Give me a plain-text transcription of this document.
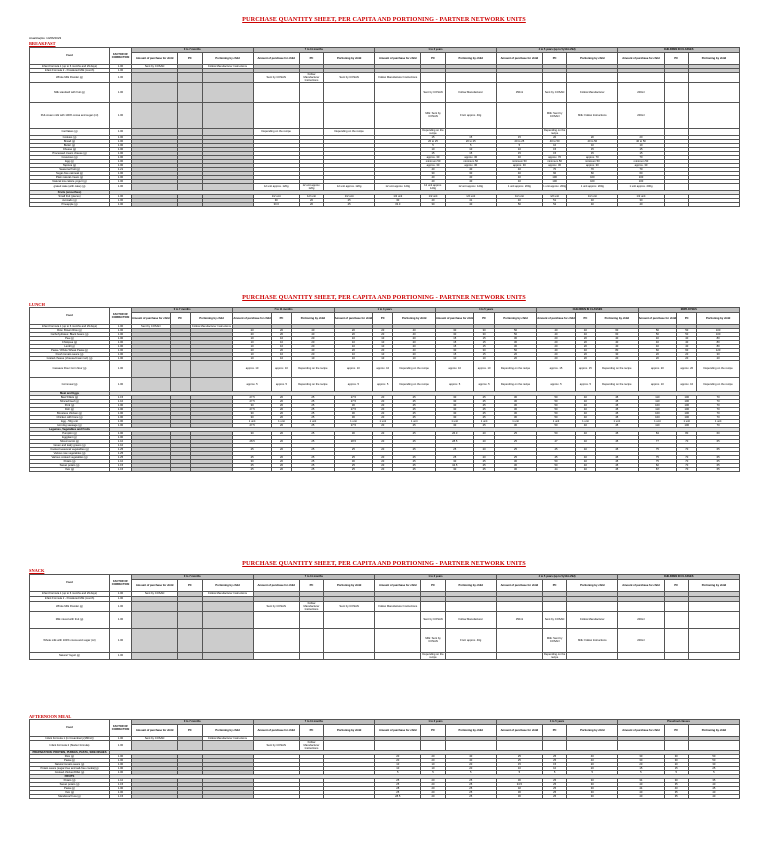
PURCHASE QUANTITY SHEET, PER CAPITA AND PORTIONING - PARTNER NETWORK UNITS
Atualização: 14/06/2023
BREAKFAST
Food	FACTOR OF CORRECTION	0 to 7 months			7 to 11 months			1 to 3 years			4 to 5 years (up to 5y11m 29d)			CHILDREN IN CLASSES		
		Amount of purchase for child	PC	Portioning by child	Amount of purchase for child	PC	Portioning by child	Amount of purchase for child	PC	Portioning by child	Amount of purchase for child	PC	Portioning by child	Amount of purchase for child	PC	Portioning by child
Infant Formula 1 (up to 6 months and 29 days)	1.00	Sent by COSAN		Follow Manufacturer Instructions												
Infant Formula 2 - Powdered Milk (month)	1.00															
Whole Milk Powder (g)	1.00				Sent by COSAN	Follow Manufacturer Instructions	Sent by COSAN	Follow Manufacturer Instructions								
Milk standard with fruit (g)	1.00								Sent by COSAN	Follow Manufacturer	150ml	Sent by COSAN	Follow Manufacturer	200ml		
Pull-cream milk with 100% cocoa and sugar (ml)	1.00								Milk: Sent by COSAN	Fruit: approx. 40g		Milk: Sent by COSAN	Milk: Follow Instructions	200ml		
Cat flakes (g)	1.00				Depending on the recipe		Depending on the recipe		Depending on the recipe			Depending on the recipe				
Cookies (g)	1.00								15	15	15	20	20	20		
Bread (g)	1.00								20 to 25	20 to 25	20 to 25	40 to 50	40 to 50	40 to 50		
Butter (g)	1.00								5	5	5	10	10	10		
Cheese (g)	1.00								10	10	10	15	15	15		
Processed cream cheese (g)	1.00								15	15	15	15	15	15		
Couscous (g)	1.00								approx. 30	approx. 30	40	approx. 70	approx. 70	70		
Egg (g)	1.00								minimum 50	minimum 50	minimum 50	minimum 50	minimum 50	minimum 50		
Tapioca (g)	1.00								approx. 30	approx. 30	approx. 30	approx. 30	approx. 30	approx. 30		
Seasonal fruit (g)	1.21								40	40	40	70	70	70		
Sugar-free oatmeal (g)	1.00								30	30	40	60	60	60		
Plain natural cream (g)	1.00								40	40	40	100	100	100		
Natural low calorie yogurt (g)	1.00								40	40	40	100	100	100		
grated cake (with cake) (g)	1.00				12 unit approx. 120g	12 unit approx. 120g	12 unit approx. 120g	12 unit approx. 120g	12 unit approx. 120g	12 unit approx. 120g	1 unit approx. 200g	1 unit approx. 200g	1 unit approx. 200g	1 unit approx. 200g		
Fruits (smoothies)																
Small fruit (pieces)	1.00				1/2 unit	1/2 unit	1/2 unit	1/2 unit	1/2 unit	1/2 unit	1/2 unit	1/2 unit	1/2 unit	1/2 unit		
Avocado (g)	1.00				30	20	25	30	40	41	40	51	40	30		
Pineapple (g)	1.00				30.6	20	25	33.3	30	40	50	52	40	40		
PURCHASE QUANTITY SHEET, PER CAPITA AND PORTIONING - PARTNER NETWORK UNITS
LUNCH
Food	FACTOR OF CORRECTION	0 to 7 months			7 to 11 months			1 to 3 years			4 to 5 years			CHILDREN IN CLASSES			EMPLOYEES		
		Amount of purchase for child	PC	Portioning by child	Amount of purchase for child	PC	Portioning by child	Amount of purchase for child	PC	Portioning by child	Amount of purchase for child	PC	Portioning by child	Amount of purchase for child	PC	Portioning by child	Amount of purchase for child	PC	Portioning by child
Infant Formula 1 (up to 6 months and 29 days)	1.00	Sent by COSAN		Follow Manufacturer Instructions															
Rice: Brown Rice (g)	1.00				20	20	40	20	20	40	30	30	50	40	40	60	50	50	100
Carbohydrates: Black beans (g)	1.00				20	20	40	20	20	40	30	30	50	40	40	60	50	50	100
Pea (g)	1.00				10	10	20	10	10	20	15	15	30	20	20	40	40	40	80
Chickpea (g)	1.00				10	10	20	10	10	20	15	15	30	20	20	40	40	40	80
Lentil (g)	1.00				10	10	20	10	10	20	15	15	30	20	20	40	40	40	80
Pasta / Whole Wheat Pasta (g)	1.00				20	20	40	20	20	40	30	30	50	40	40	80	60	60	120
Fresh tomato sauce (g)	1.00				10	10	20	10	10	20	15	15	20	20	20	30	20	20	30
Grated cheese (cheese/cream tart) (g)	1.00				10	10	10	10	10	10	10	10	20	20	20	20	20	20	20
Cassava Flour Corn flour (g)	1.00				approx. 10	approx. 10	Depending on the recipe	approx. 10	approx. 10	Depending on the recipe	approx. 10	approx. 10	Depending on the recipe	approx. 15	approx. 15	Depending on the recipe	approx. 20	approx. 20	Depending on the recipe
Cornmeal (g)	1.00				approx. 5	approx. 5	Depending on the recipe	approx. 5	approx. 5	Depending on the recipe	approx. 5	approx. 5	Depending on the recipe	approx. 5	approx. 5	Depending on the recipe	approx. 10	approx. 10	Depending on the recipe
Meat and Eggs																			
Beef Fillets (g)	1.15				27.5	20	25	27.5	20	25	30	25	30	50	40	45	110	100	70
Minced beef (g)	1.10				27.5	20	25	27.5	20	25	30	25	30	50	40	45	110	100	70
Pork (g)	1.00				30	20	25	30	20	25	30	25	30	50	40	45	100	100	70
Fish (g)	1.00				27.5	20	25	27.5	20	25	30	25	30	50	40	45	110	100	70
Boneless chicken (g)	1.00				30	20	25	30	20	25	30	25	30	50	40	45	100	100	70
Chicken with bone (g)	1.00				30	20	25	30	20	25	30	25	30	50	40	45	100	100	70
Egg - 50g unit	1.00				1 unit	1 unit	1 unit	1 unit	1 unit	1 unit	1 unit	1 unit	1 unit	1 unit	1 unit	1 unit	1 unit	1 unit	1 unit
Hot dog sausage (g)	1.00				27.5	20	25	27.5	20	25	30	25	30	50	40	45	110	100	70
Legumes, Vegetables and Fruits																			
Pumpkin (g)	1.00				30	20	25	30	20	25	26.3	20	25	50	40	45	84	80	60
Eggplant (g)	1.00																		
Sliced carrot (g)	1.10				28.5	20	25	28.5	20	25	28.5	20	25	47	40	45	77	70	65
Green and leafy greens (g)	1.10																		
Cooked seasonal vegetables (g)	1.25				25	20	25	25	20	25	25	20	25	45	40	45	75	70	65
Various raw vegetables (g)	1.25																		
Various cooked vegetables (g)	1.25				25	20	25	25	20	25	25	20	25	45	40	45	75	70	65
Potato (g)	1.10				30	20	25	30	20	25	30	25	30	50	40	45	75	70	65
Sweet potato (g)	1.15				25	20	25	25	20	25	34.5	25	30	50	40	45	82	70	65
Yam (g)	1.15				25	20	25	25	20	25	30	25	30	44	40	45	87	70	65
PURCHASE QUANTITY SHEET, PER CAPITA AND PORTIONING - PARTNER NETWORK UNITS
SNACK
Food	FACTOR OF CORRECTION	0 to 7 months			7 to 11 months			1 to 3 years			4 to 5 years (up to 5y11m 29d)			CHILDREN IN CLASSES		
		Amount of purchase for child	PC	Portioning by child	Amount of purchase for child	PC	Portioning by child	Amount of purchase for child	PC	Portioning by child	Amount of purchase for child	PC	Portioning by child	Amount of purchase for child	PC	Portioning by child
Infant Formula 1 (up to 6 months and 29 days)	1.00	Sent by COSAN		Follow Manufacturer Instructions												
Infant Formula 2 - Powdered Milk (month)	1.00															
Whole Milk Powder (g)	1.00				Sent by COSAN	Follow Manufacturer Instructions	Sent by COSAN	Follow Manufacturer Instructions								
Milk mixed with fruit (g)	1.00								Sent by COSAN	Follow Manufacturer	150ml	Sent by COSAN	Follow Manufacturer	200ml		
Whole milk with 100% cocoa and sugar (ml)	1.00								Milk: Sent by COSAN	Fruit: approx. 40g		Milk: Sent by COSAN	Milk: Follow Instructions	200ml		
Natural Yogurt (g)	1.00								Depending on the recipe			Depending on the recipe				
AFTERNOON MEAL
Food	FACTOR OF CORRECTION	0 to 7 months			7 to 11 months			1 to 3 years			4 to 5 years			Preschool classes		
		Amount of purchase for child	PC	Portioning by child	Amount of purchase for child	PC	Portioning by child	Amount of purchase for child	PC	Portioning by child	Amount of purchase for child	PC	Portioning by child	Amount of purchase for child	PC	Portioning by child
Infant Formula 1 (in Creamberry(180ml))	1.00	Sent by COSAN		Follow Manufacturer Instructions												
Infant Formula 2 (Starter formula)	1.00				Sent by COSAN	Follow Manufacturer Instructions										
PREPARATION: PROTEIN, PUREES, PASTA, SIDE DISHES																
Rice (g)	1.00							20	20	40	25	25	40	30	30	50
Pasta (g)	1.00							20	20	40	25	25	40	30	30	50
Natural tomato sauce (g)	1.00							10	10	20	15	15	20	20	20	30
Potato sauce (sugar-free and salt-free cookie)(g)	1.00							10	10	20	10	10	20	15	15	25
Cooked chicken/Fillet (g)	1.00							5	5	5	5	5	5	5	5	5
FRUITS																
Potato (g)	1.10							25	20	25	30	25	30	34	30	35
Sweet potato (g)	1.15							25	20	25	34.5	25	30	40	35	40
Pasta (g)	1.00							28	20	25	32	25	30	44	40	45
Yam (g)	1.00							25	20	25	30	25	30	40	35	40
Mandioca/Yuca (g)	1.15							28.5	20	25	30	25	30	40	35	40
